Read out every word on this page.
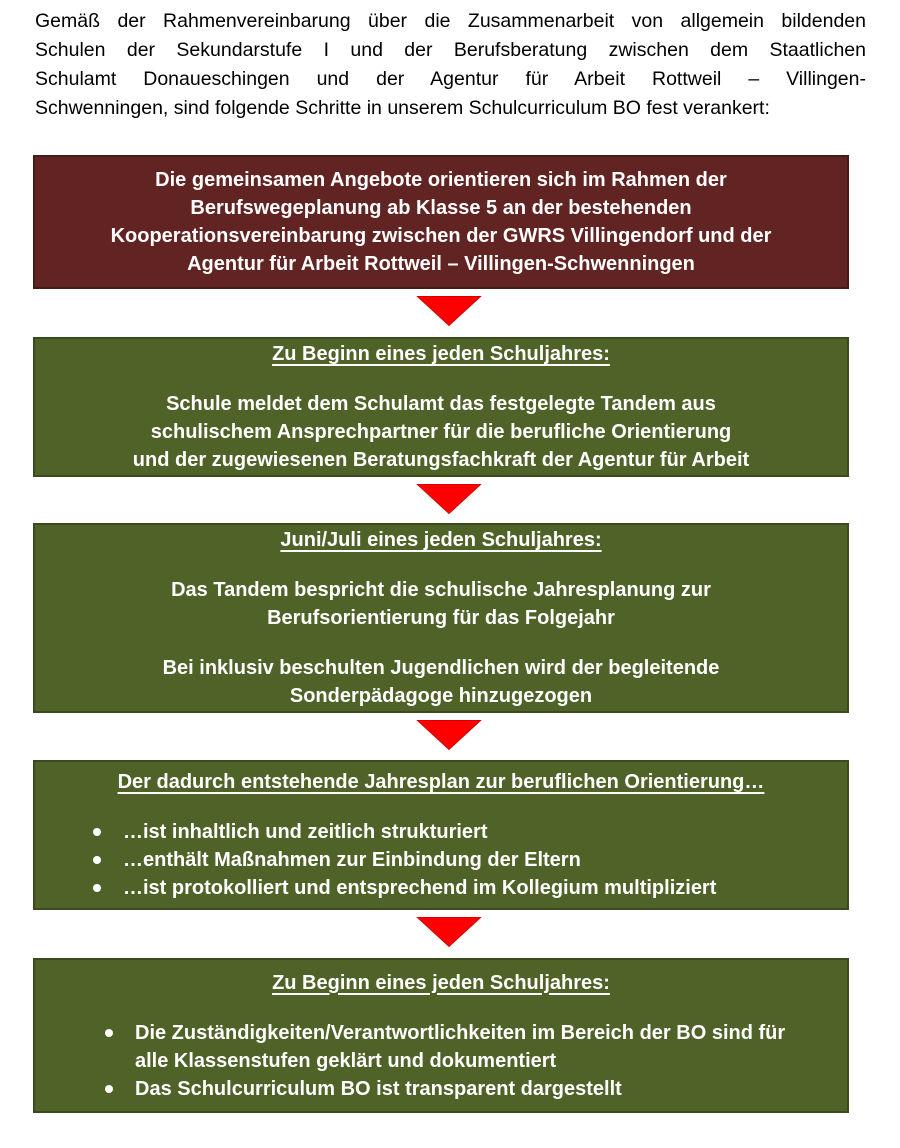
Gemäß der Rahmenvereinbarung über die Zusammenarbeit von allgemein bildenden
Schulen der Sekundarstufe I und der Berufsberatung zwischen dem Staatlichen
Schulamt Donaueschingen und der Agentur für Arbeit Rottweil – Villingen-
Schwenningen, sind folgende Schritte in unserem Schulcurriculum BO fest verankert:
Die gemeinsamen Angebote orientieren sich im Rahmen der
Berufswegeplanung ab Klasse 5 an der bestehenden
Kooperationsvereinbarung zwischen der GWRS Villingendorf und der
Agentur für Arbeit Rottweil – Villingen-Schwenningen
Zu Beginn eines jeden Schuljahres:
Schule meldet dem Schulamt das festgelegte Tandem aus
schulischem Ansprechpartner für die berufliche Orientierung
und der zugewiesenen Beratungsfachkraft der Agentur für Arbeit
Juni/Juli eines jeden Schuljahres:
Das Tandem bespricht die schulische Jahresplanung zur
Berufsorientierung für das Folgejahr
Bei inklusiv beschulten Jugendlichen wird der begleitende
Sonderpädagoge hinzugezogen
Der dadurch entstehende Jahresplan zur beruflichen Orientierung…
…ist inhaltlich und zeitlich strukturiert
…enthält Maßnahmen zur Einbindung der Eltern
…ist protokolliert und entsprechend im Kollegium multipliziert
Zu Beginn eines jeden Schuljahres:
Die Zuständigkeiten/Verantwortlichkeiten im Bereich der BO sind für
alle Klassenstufen geklärt und dokumentiert
Das Schulcurriculum BO ist transparent dargestellt
